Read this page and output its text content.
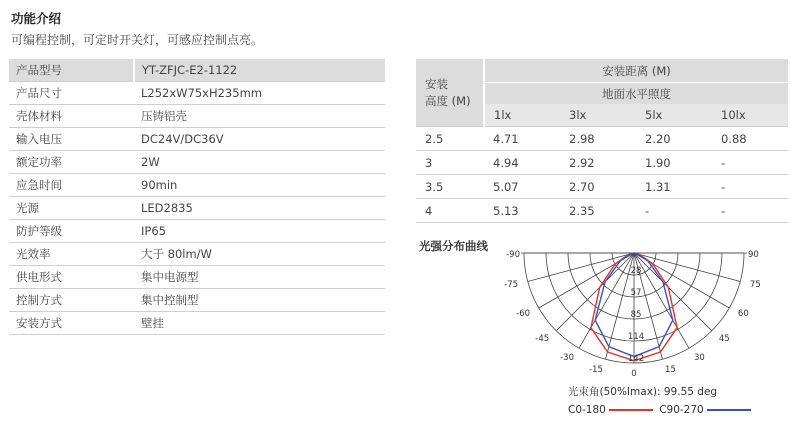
功能介绍
可编程控制，可定时开关灯，可感应控制点亮。
产品型号	YT-ZFJC-E2-1122
产品尺寸	L252xW75xH235mm
壳体材料	压铸铝壳
输入电压	DC24V/DC36V
额定功率	2W
应急时间	90min
光源	LED2835
防护等级	IP65
光效率	大于 80lm/W
供电形式	集中电源型
控制方式	集中控制型
安装方式	壁挂
安装
高度 (M)	安装距离 (M)			
	地面水平照度			
	1lx	3lx	5lx	10lx
2.5	4.71	2.98	2.20	0.88
3	4.94	2.92	1.90	-
3.5	5.07	2.70	1.31	-
4	5.13	2.35	-	-
光强分布曲线
-90
-75
-60
-45
-30
-15	0	15
30
45
60
75
90
28
57
85
114
142
光束角(50%Imax): 99.55 deg
C0-180
	C90-270
